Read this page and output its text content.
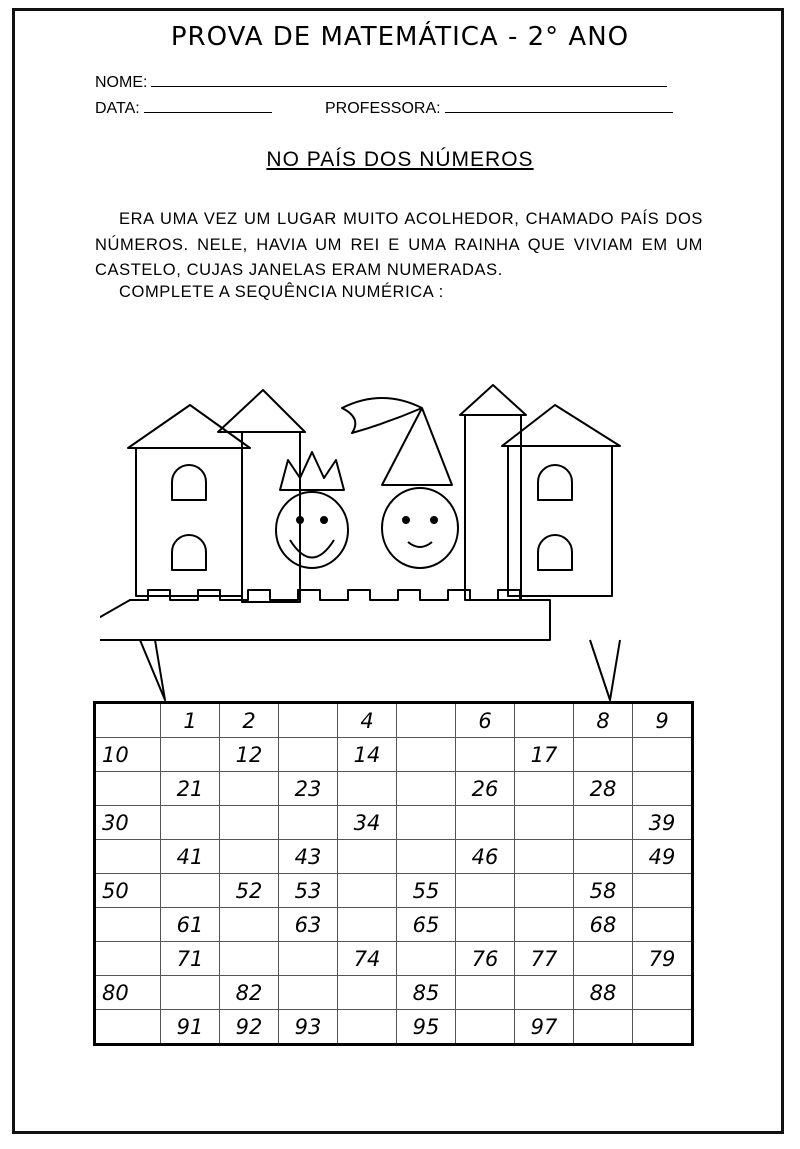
PROVA DE MATEMÁTICA - 2° ANO
NOME:
DATA:	PROFESSORA:
NO PAÍS DOS NÚMEROS

ERA UMA VEZ UM LUGAR MUITO ACOLHEDOR, CHAMADO PAÍS DOS NÚMEROS. NELE, HAVIA UM REI E UMA RAINHA QUE VIVIAM EM UM CASTELO, CUJAS JANELAS ERAM NUMERADAS.

COMPLETE A SEQUÊNCIA NUMÉRICA :
	1	2		4		6		8	9
10		12		14			17		
	21		23			26		28	
30				34					39
	41		43			46			49
50		52	53		55			58	
	61		63		65			68	
	71			74		76	77		79
80		82			85			88	
	91	92	93		95		97		
